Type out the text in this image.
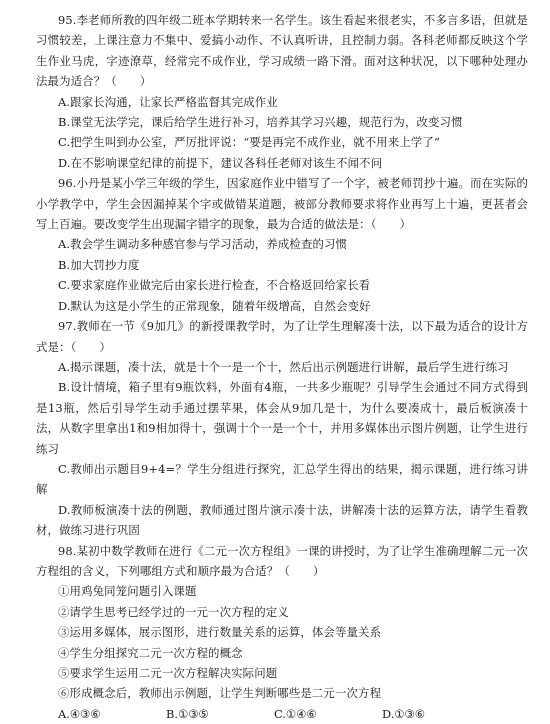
95.李老师所教的四年级二班本学期转来一名学生。该生看起来很老实，不多言多语，但就是习惯较差，上课注意力不集中、爱搞小动作、不认真听讲，且控制力弱。各科老师都反映这个学生作业马虎，字迹潦草，经常完不成作业，学习成绩一路下滑。面对这种状况，以下哪种处理办法最为适合？（　　）

A.跟家长沟通，让家长严格监督其完成作业

B.课堂无法学完，课后给学生进行补习，培养其学习兴趣，规范行为，改变习惯

C.把学生叫到办公室，严厉批评说：“要是再完不成作业，就不用来上学了”

D.在不影响课堂纪律的前提下，建议各科任老师对该生不闻不问

96.小丹是某小学三年级的学生，因家庭作业中错写了一个字，被老师罚抄十遍。而在实际的小学教学中，学生会因漏掉某个字或做错某道题，被部分教师要求将作业再写上十遍，更甚者会写上百遍。要改变学生出现漏字错字的现象，最为合适的做法是：（　　）

A.教会学生调动多种感官参与学习活动，养成检查的习惯

B.加大罚抄力度

C.要求家庭作业做完后由家长进行检查，不合格返回给家长看

D.默认为这是小学生的正常现象，随着年级增高，自然会变好

97.教师在一节《9加几》的新授课教学时，为了让学生理解凑十法，以下最为适合的设计方式是：（　　）

A.揭示课题，凑十法，就是十个一是一个十，然后出示例题进行讲解，最后学生进行练习

B.设计情境，箱子里有9瓶饮料，外面有4瓶，一共多少瓶呢？引导学生会通过不同方式得到是13瓶，然后引导学生动手通过摆苹果，体会从9加几是十，为什么要凑成十，最后板演凑十法，从数字里拿出1和9相加得十，强调十个一是一个十，并用多媒体出示图片例题，让学生进行练习

C.教师出示题目9+4=？学生分组进行探究，汇总学生得出的结果，揭示课题，进行练习讲解

D.教师板演凑十法的例题，教师通过图片演示凑十法，讲解凑十法的运算方法，请学生看教材，做练习进行巩固

98.某初中数学教师在进行《二元一次方程组》一课的讲授时，为了让学生准确理解二元一次方程组的含义，下列哪组方式和顺序最为合适？（　　）

①用鸡兔同笼问题引入课题

②请学生思考已经学过的一元一次方程的定义

③运用多媒体，展示图形，进行数量关系的运算，体会等量关系

④学生分组探究二元一次方程的概念

⑤要求学生运用二元一次方程解决实际问题

⑥形成概念后，教师出示例题，让学生判断哪些是二元一次方程

A.④③⑥	B.①③⑤	C.①④⑥	D.①③⑥
